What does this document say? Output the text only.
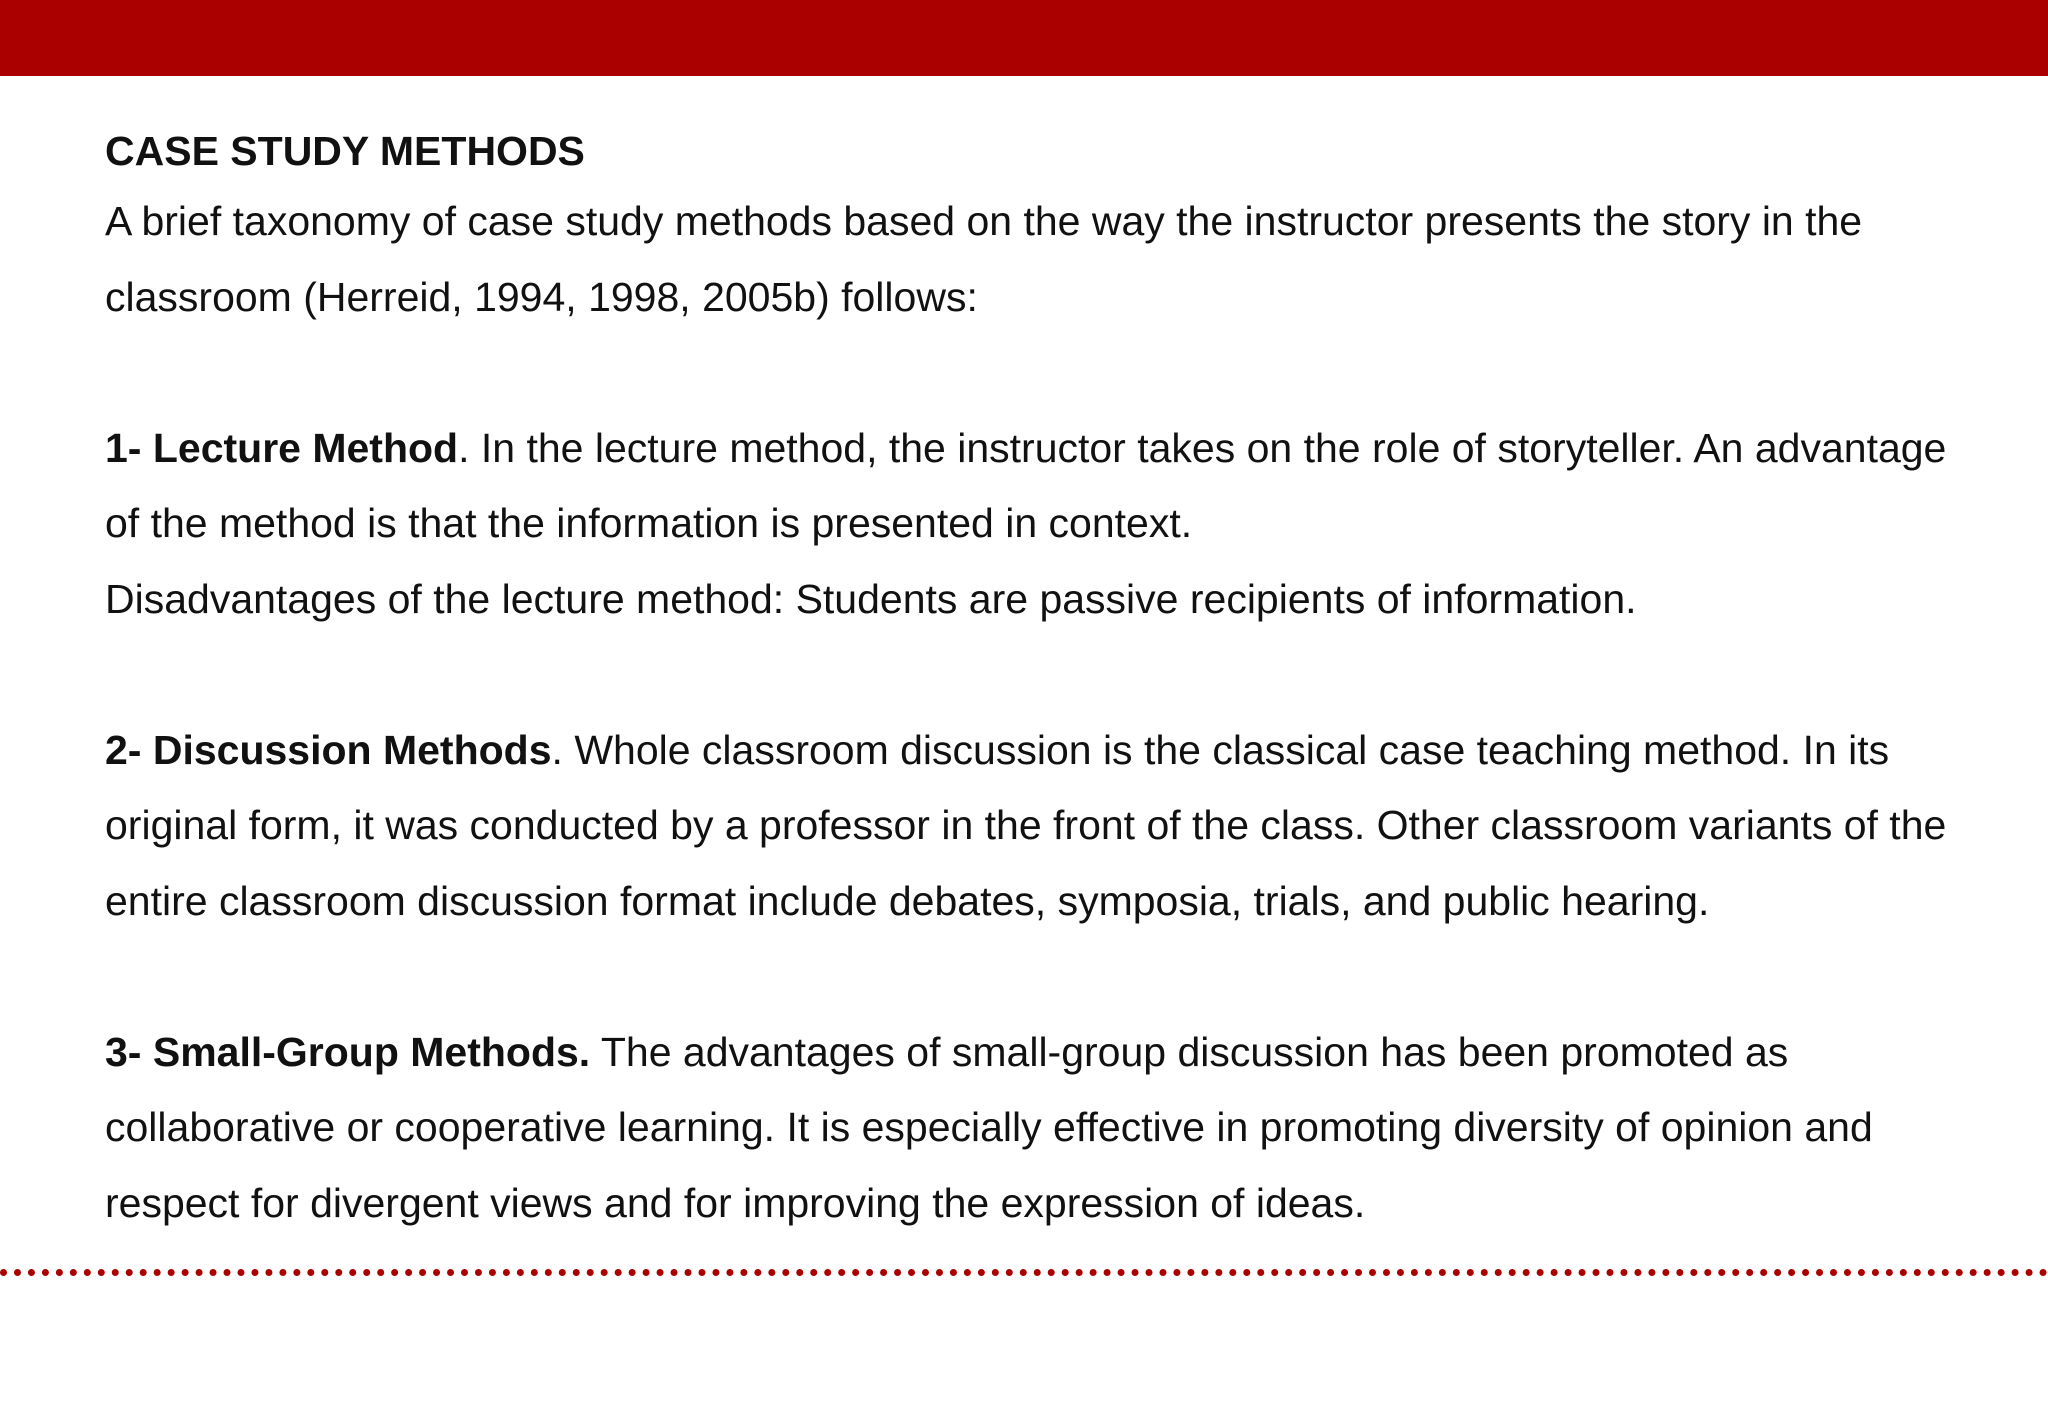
CASE STUDY METHODS

A brief taxonomy of case study methods based on the way the instructor presents the story in the classroom (Herreid, 1994, 1998, 2005b) follows:

1- Lecture Method. In the lecture method, the instructor takes on the role of storyteller. An advantage of the method is that the information is presented in context.

Disadvantages of the lecture method: Students are passive recipients of information.

2- Discussion Methods. Whole classroom discussion is the classical case teaching method. In its original form, it was conducted by a professor in the front of the class. Other classroom variants of the entire classroom discussion format include debates, symposia, trials, and public hearing.

3- Small-Group Methods. The advantages of small-group discussion has been promoted as collaborative or cooperative learning. It is especially effective in promoting diversity of opinion and respect for divergent views and for improving the expression of ideas.
